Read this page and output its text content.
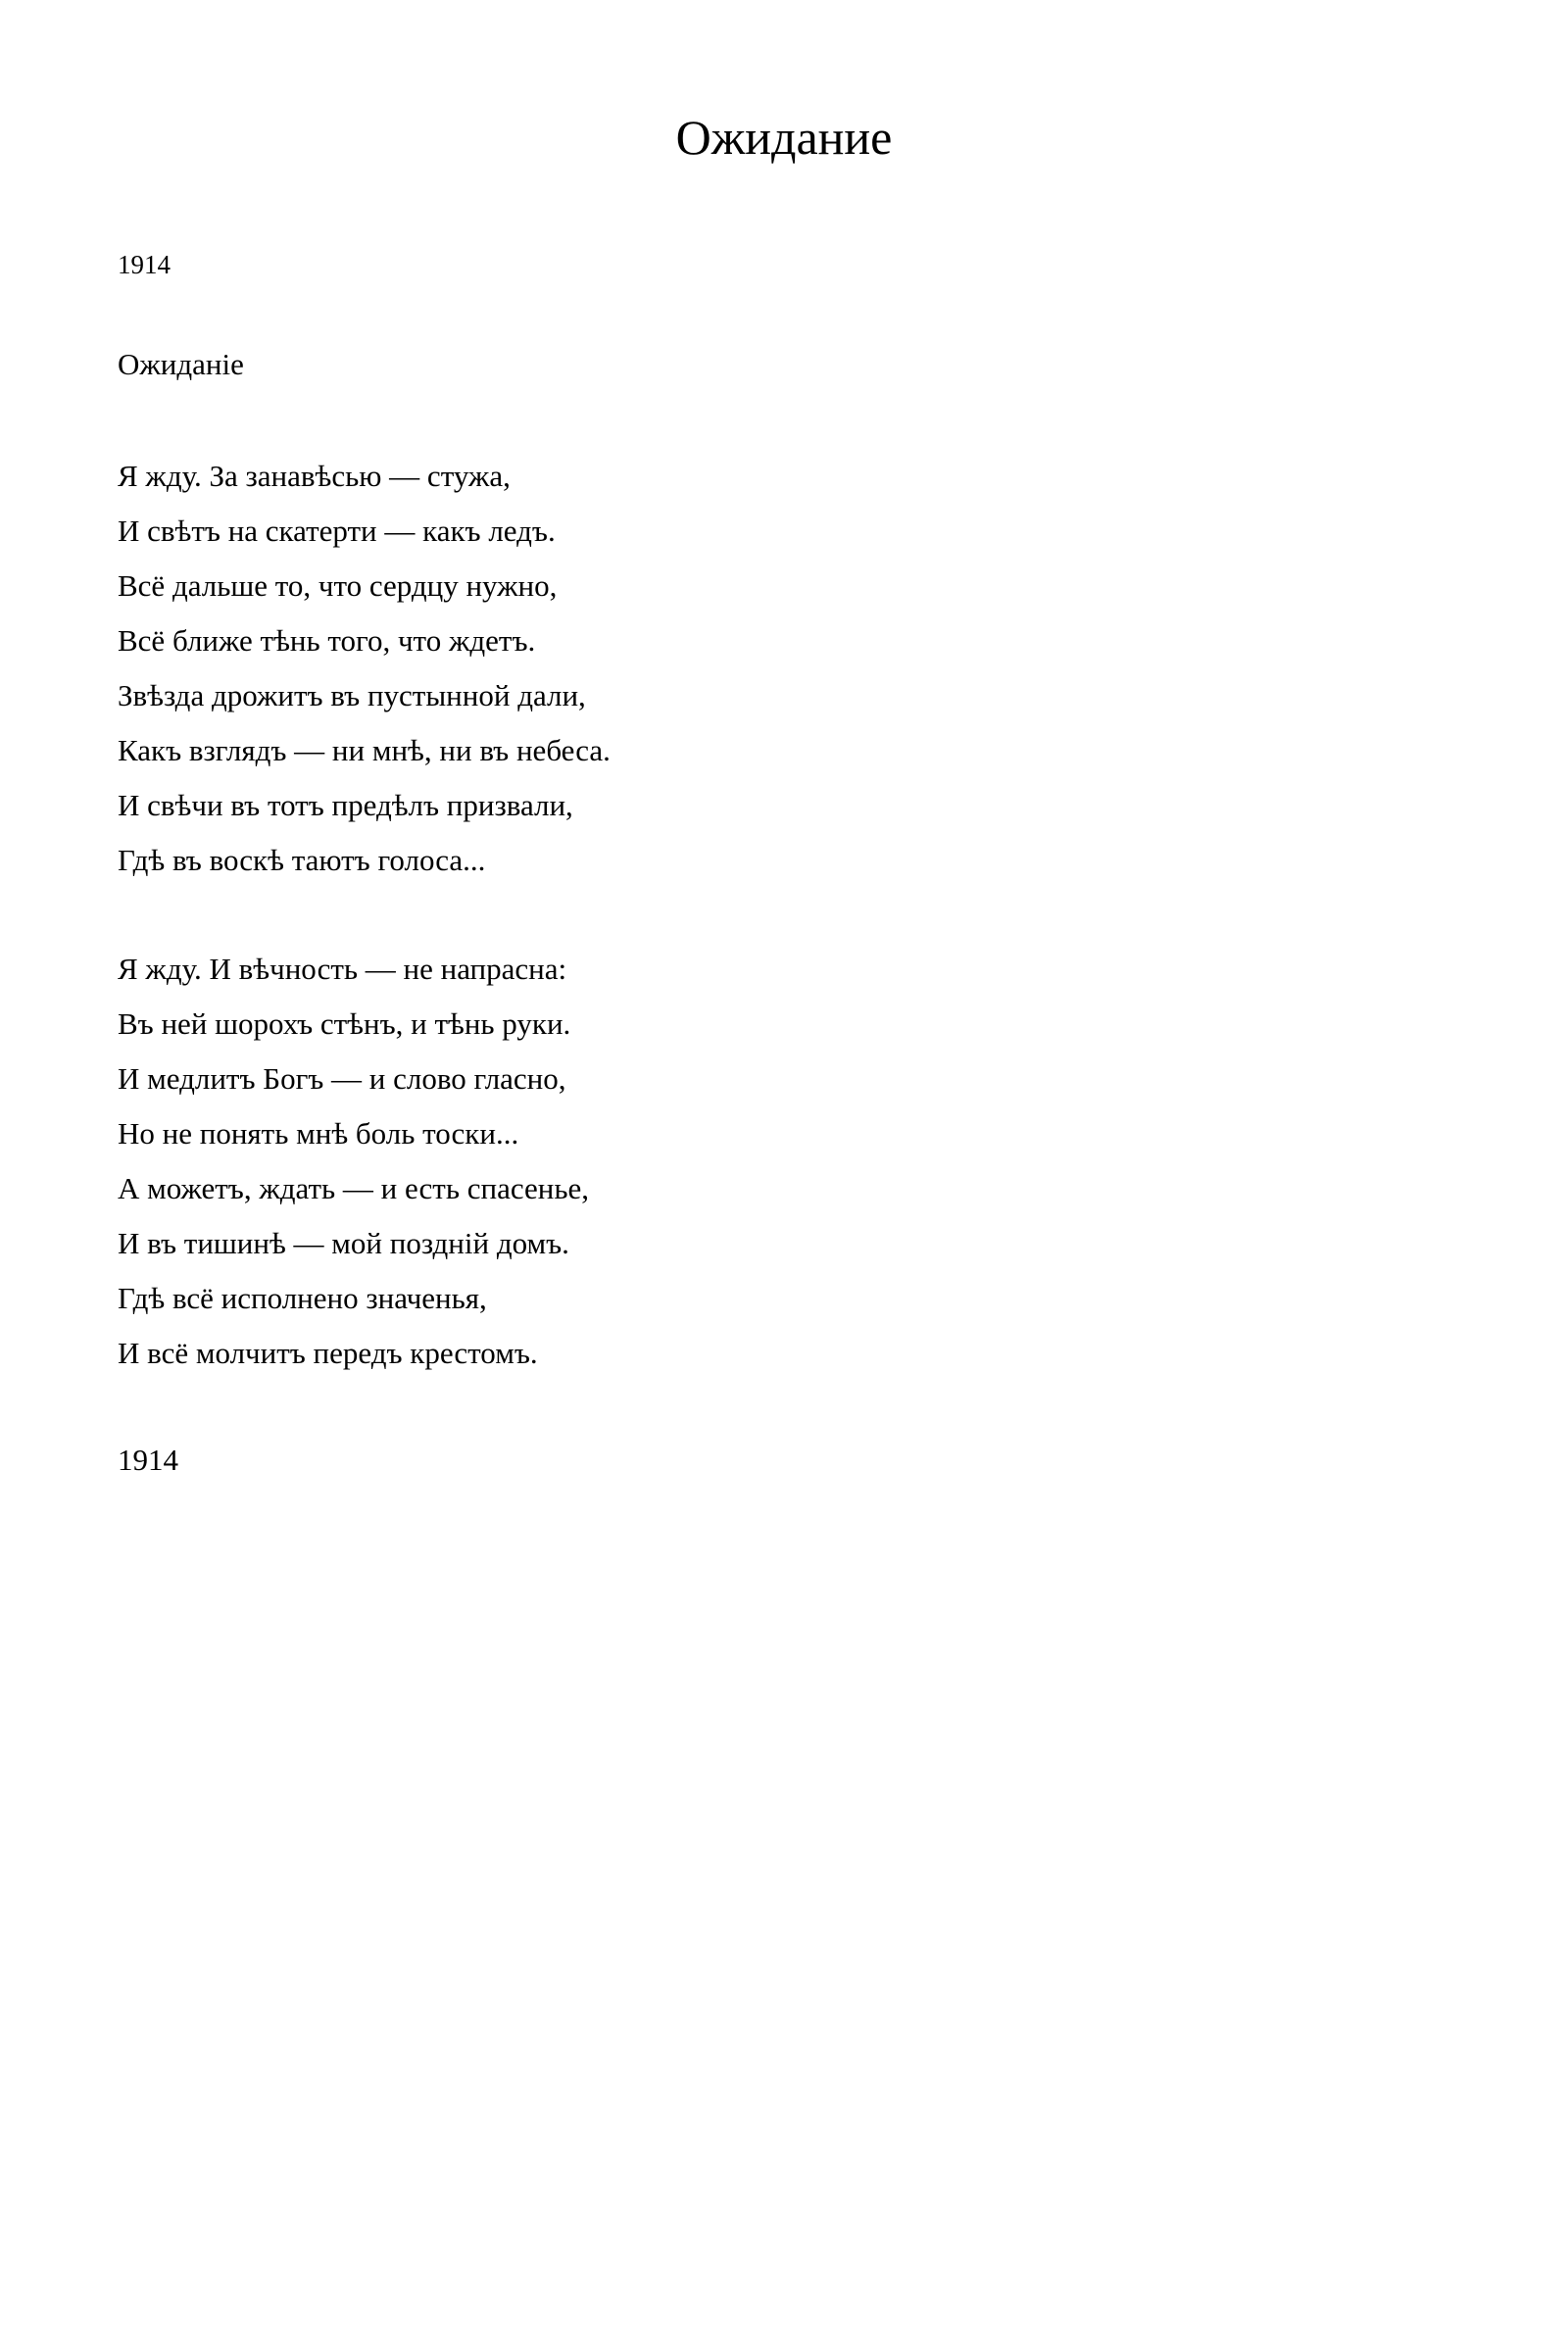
Ожидание
1914
Ожиданіе
Я жду. За занавѣсью — стужа,
И свѣтъ на скатерти — какъ ледъ.
Всё дальше то, что сердцу нужно,
Всё ближе тѣнь того, что ждетъ.
Звѣзда дрожитъ въ пустынной дали,
Какъ взглядъ — ни мнѣ, ни въ небеса.
И свѣчи въ тотъ предѣлъ призвали,
Гдѣ въ воскѣ таютъ голоса...
Я жду. И вѣчность — не напрасна:
Въ ней шорохъ стѣнъ, и тѣнь руки.
И медлитъ Богъ — и слово гласно,
Но не понять мнѣ боль тоски...
А можетъ, ждать — и есть спасенье,
И въ тишинѣ — мой поздній домъ.
Гдѣ всё исполнено значенья,
И всё молчитъ передъ крестомъ.
1914
